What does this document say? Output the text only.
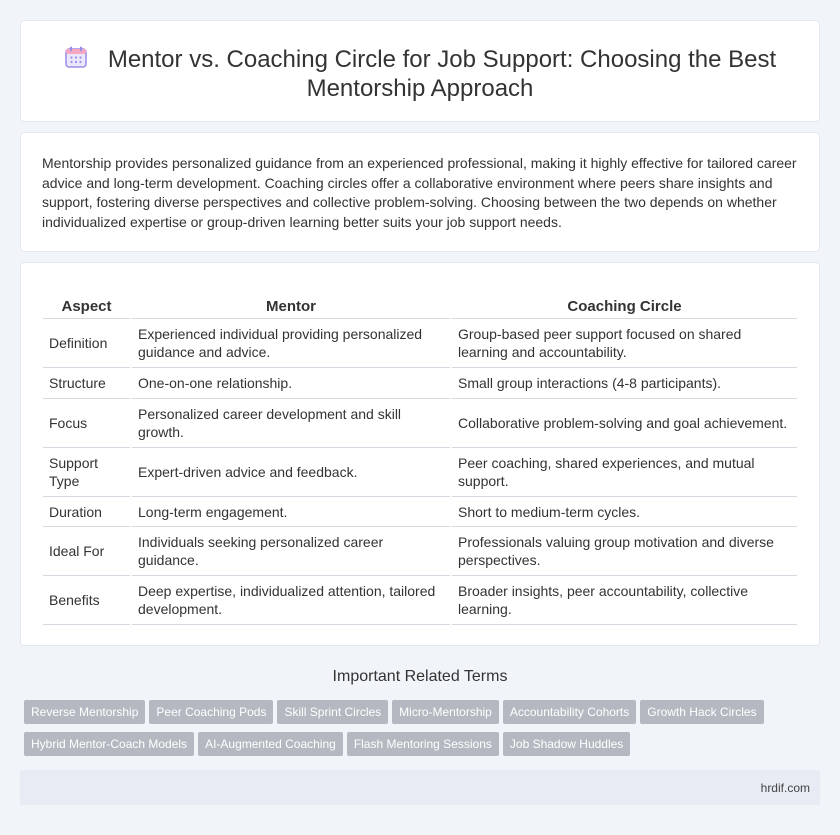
Mentor vs. Coaching Circle for Job Support: Choosing the Best Mentorship Approach

Mentorship provides personalized guidance from an experienced professional, making it highly effective for tailored career advice and long-term development. Coaching circles offer a collaborative environment where peers share insights and support, fostering diverse perspectives and collective problem-solving. Choosing between the two depends on whether individualized expertise or group-driven learning better suits your job support needs.

Aspect	Mentor	Coaching Circle
Definition	Experienced individual providing personalized guidance and advice.	Group-based peer support focused on shared learning and accountability.
Structure	One-on-one relationship.	Small group interactions (4-8 participants).
Focus	Personalized career development and skill growth.	Collaborative problem-solving and goal achievement.
Support Type	Expert-driven advice and feedback.	Peer coaching, shared experiences, and mutual support.
Duration	Long-term engagement.	Short to medium-term cycles.
Ideal For	Individuals seeking personalized career guidance.	Professionals valuing group motivation and diverse perspectives.
Benefits	Deep expertise, individualized attention, tailored development.	Broader insights, peer accountability, collective learning.
Important Related Terms
Reverse Mentorship Peer Coaching Pods Skill Sprint Circles Micro-Mentorship Accountability Cohorts Growth Hack Circles
Hybrid Mentor-Coach Models AI-Augmented Coaching Flash Mentoring Sessions Job Shadow Huddles
hrdif.com
